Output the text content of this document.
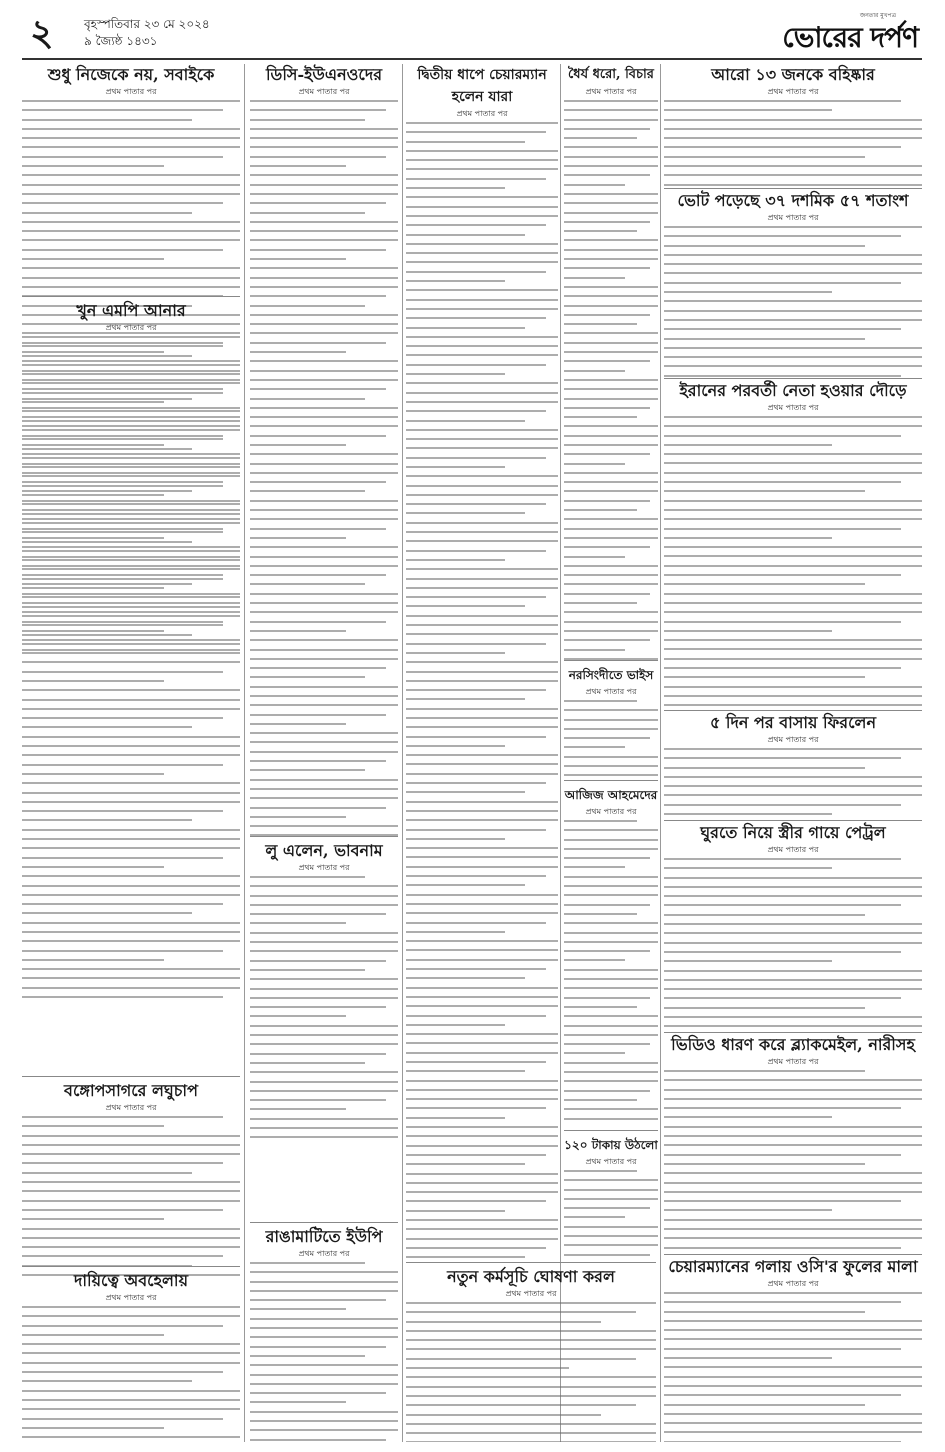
২	বৃহস্পতিবার ২৩ মে ২০২৪
৯ জ্যৈষ্ঠ ১৪৩১
জনতার মুখপত্র
ভোরের দর্পণ
শুধু নিজেকে নয়, সবাইকে
প্রথম পাতার পর
খুন এমপি আনার
প্রথম পাতার পর
বঙ্গোপসাগরে লঘুচাপ
প্রথম পাতার পর
দায়িত্বে অবহেলায়
প্রথম পাতার পর
ডিসি-ইউএনওদের
প্রথম পাতার পর
লু এলেন, ভাবনাম
প্রথম পাতার পর
রাঙামাটিতে ইউপি
প্রথম পাতার পর
দ্বিতীয় ধাপে চেয়ারম্যান হলেন যারা
প্রথম পাতার পর
নতুন কর্মসূচি ঘোষণা করল
প্রথম পাতার পর
ধৈর্য ধরো, বিচার
প্রথম পাতার পর
নরসিংদীতে ভাইস
প্রথম পাতার পর
আজিজ আহমেদের
প্রথম পাতার পর
১২০ টাকায় উঠলো
প্রথম পাতার পর
আরো ১৩ জনকে বহিষ্কার
প্রথম পাতার পর
ভোট পড়েছে ৩৭ দশমিক ৫৭ শতাংশ
প্রথম পাতার পর
ইরানের পরবর্তী নেতা হওয়ার দৌড়ে
প্রথম পাতার পর
৫ দিন পর বাসায় ফিরলেন
প্রথম পাতার পর
ঘুরতে নিয়ে স্ত্রীর গায়ে পেট্রল
প্রথম পাতার পর
ভিডিও ধারণ করে ব্ল্যাকমেইল, নারীসহ
প্রথম পাতার পর
চেয়ারম্যানের গলায় ওসি'র ফুলের মালা
প্রথম পাতার পর
